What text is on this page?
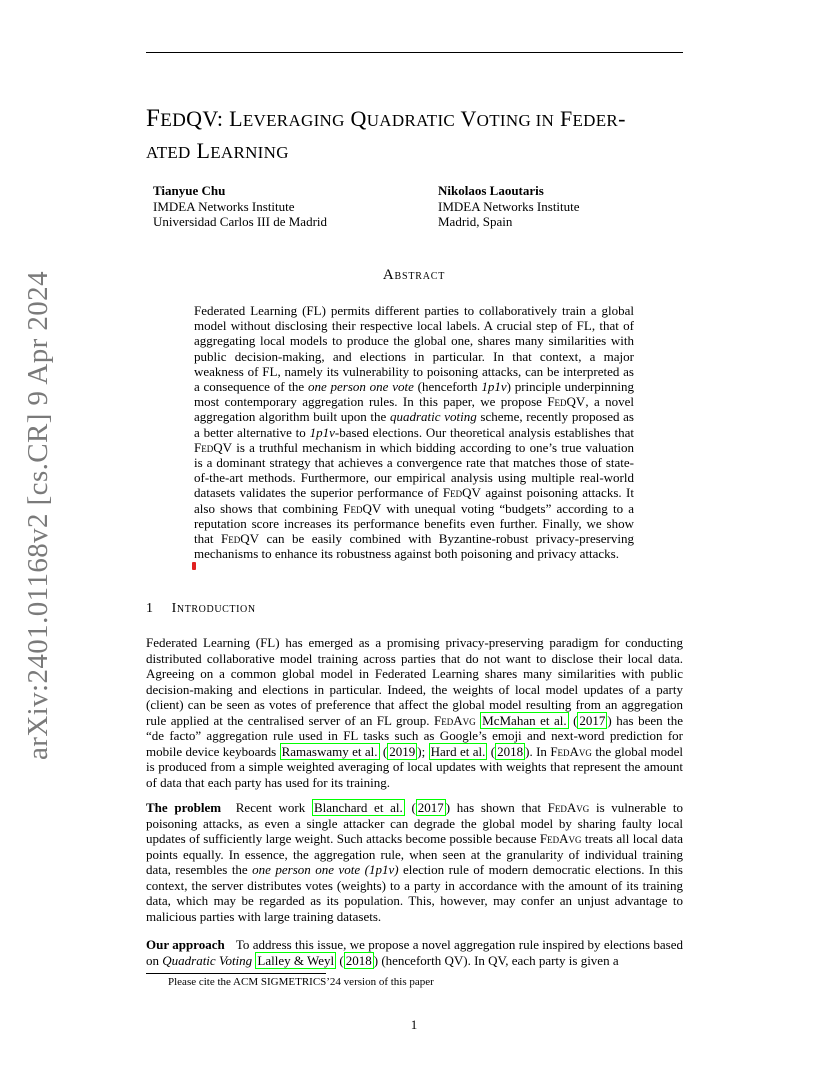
FEDQV: LEVERAGING QUADRATIC VOTING IN FEDER-
ATED LEARNING
Tianyue Chu
IMDEA Networks Institute
Universidad Carlos III de Madrid
Nikolaos Laoutaris
IMDEA Networks Institute
Madrid, Spain
Abstract

Federated Learning (FL) permits different parties to collaboratively train a global model without disclosing their respective local labels. A crucial step of FL, that of aggregating local models to produce the global one, shares many similarities with public decision-making, and elections in particular. In that context, a major weakness of FL, namely its vulnerability to poisoning attacks, can be interpreted as a consequence of the one person one vote (henceforth 1p1v) principle underpinning most contemporary aggregation rules. In this paper, we propose FedQV, a novel aggregation algorithm built upon the quadratic voting scheme, recently proposed as a better alternative to 1p1v-based elections. Our theoretical analysis establishes that FedQV is a truthful mechanism in which bidding according to one’s true valuation is a dominant strategy that achieves a convergence rate that matches those of state-of-the-art methods. Furthermore, our empirical analysis using multiple real-world datasets validates the superior performance of FedQV against poisoning attacks. It also shows that combining FedQV with unequal voting “budgets” according to a reputation score increases its performance benefits even further. Finally, we show that FedQV can be easily combined with Byzantine-robust privacy-preserving mechanisms to enhance its robustness against both poisoning and privacy attacks.

arXiv:2401.01168v2 [cs.CR] 9 Apr 2024	1 Introduction

Federated Learning (FL) has emerged as a promising privacy-preserving paradigm for conducting distributed collaborative model training across parties that do not want to disclose their local data. Agreeing on a common global model in Federated Learning shares many similarities with public decision-making and elections in particular. Indeed, the weights of local model updates of a party (client) can be seen as votes of preference that affect the global model resulting from an aggregation rule applied at the centralised server of an FL group. FedAvg McMahan et al. ( 2017 ) has been the “de facto” aggregation rule used in FL tasks such as Google’s emoji and next-word prediction for mobile device keyboards Ramaswamy et al. ( 2019 ); Hard et al. ( 2018 ). In FedAvg the global model is produced from a simple weighted averaging of local updates with weights that represent the amount of data that each party has used for its training.

The problem Recent work Blanchard et al. ( 2017 ) has shown that FedAvg is vulnerable to poisoning attacks, as even a single attacker can degrade the global model by sharing faulty local updates of sufficiently large weight. Such attacks become possible because FedAvg treats all local data points equally. In essence, the aggregation rule, when seen at the granularity of individual training data, resembles the one person one vote (1p1v) election rule of modern democratic elections. In this context, the server distributes votes (weights) to a party in accordance with the amount of its training data, which may be regarded as its population. This, however, may confer an unjust advantage to malicious parties with large training datasets.

Our approach To address this issue, we propose a novel aggregation rule inspired by elections based on Quadratic Voting Lalley & Weyl ( 2018 ) (henceforth QV). In QV, each party is given a

Please cite the ACM SIGMETRICS’24 version of this paper
1
